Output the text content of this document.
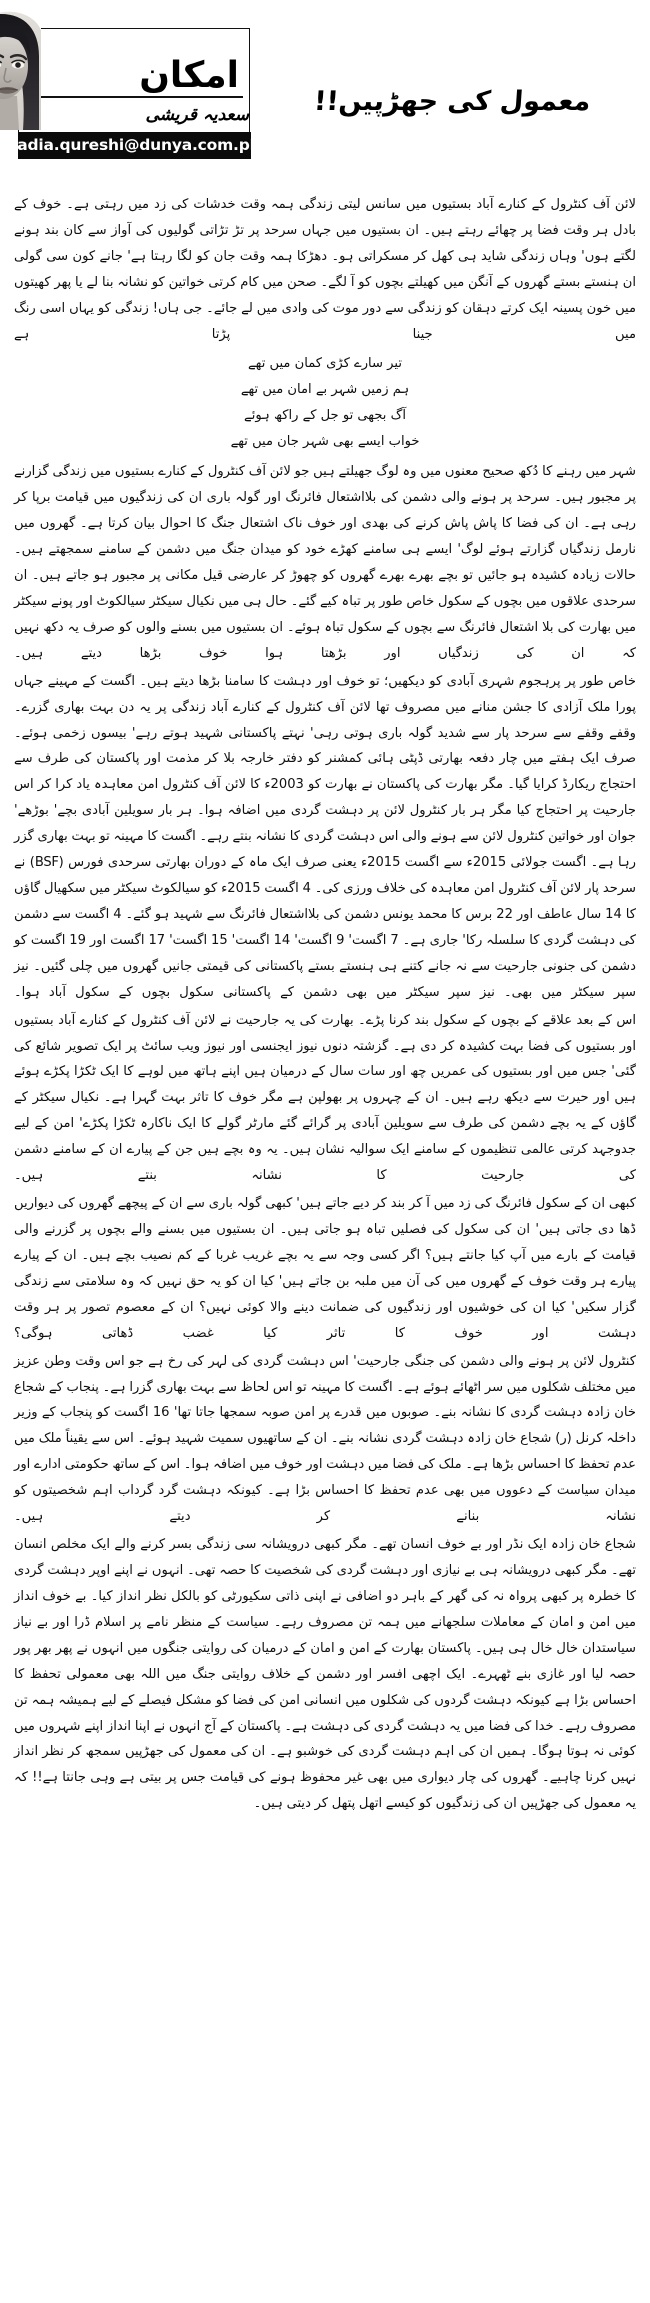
امکان
سعدیہ قریشی
sadia.qureshi@dunya.com.pk
معمول کی جھڑپیں!!

لائن آف کنٹرول کے کنارے آباد بستیوں میں سانس لیتی زندگی ہمہ وقت خدشات کی زد میں رہتی ہے۔ خوف کے بادل ہر وقت فضا پر چھائے رہتے ہیں۔ ان بستیوں میں جہاں سرحد پر تڑ تڑاتی گولیوں کی آواز سے کان بند ہونے لگتے ہوں' وہاں زندگی شاید ہی کھل کر مسکراتی ہو۔ دھڑکا ہمہ وقت جان کو لگا رہتا ہے' جانے کون سی گولی ان ہنستے بستے گھروں کے آنگن میں کھیلتے بچوں کو آ لگے۔ صحن میں کام کرتی خواتین کو نشانہ بنا لے یا پھر کھیتوں میں خون پسینہ ایک کرتے دہقان کو زندگی سے دور موت کی وادی میں لے جائے۔ جی ہاں! زندگی کو یہاں اسی رنگ میں جینا پڑتا ہے

تیر سارے کڑی کمان میں تھے
ہم زمیں شہر بے امان میں تھے
آگ بجھی تو جل کے راکھ ہوئے
خواب ایسے بھی شہر جان میں تھے

شہر میں رہنے کا دُکھ صحیح معنوں میں وہ لوگ جھیلتے ہیں جو لائن آف کنٹرول کے کنارے بستیوں میں زندگی گزارنے پر مجبور ہیں۔ سرحد پر ہونے والی دشمن کی بلااشتعال فائرنگ اور گولہ باری ان کی زندگیوں میں قیامت برپا کر رہی ہے۔ ان کی فضا کا پاش پاش کرنے کی بھدی اور خوف ناک اشتعال جنگ کا احوال بیان کرتا ہے۔ گھروں میں نارمل زندگیاں گزارتے ہوئے لوگ' ایسے ہی سامنے کھڑے خود کو میدان جنگ میں دشمن کے سامنے سمجھتے ہیں۔ حالات زیادہ کشیدہ ہو جائیں تو بچے بھرے بھرے گھروں کو چھوڑ کر عارضی قیل مکانی پر مجبور ہو جاتے ہیں۔ ان سرحدی علاقوں میں بچوں کے سکول خاص طور پر تباہ کیے گئے۔ حال ہی میں نکیال سیکٹر سیالکوٹ اور پونے سیکٹر میں بھارت کی بلا اشتعال فائرنگ سے بچوں کے سکول تباہ ہوئے۔ ان بستیوں میں بسنے والوں کو صرف یہ دکھ نہیں کہ ان کی زندگیاں اور بڑھتا ہوا خوف بڑھا دیتے ہیں۔

خاص طور پر پرہجوم شہری آبادی کو دیکھیں؛ تو خوف اور دہشت کا سامنا بڑھا دیتے ہیں۔ اگست کے مہینے جہاں پورا ملک آزادی کا جشن منانے میں مصروف تھا لائن آف کنٹرول کے کنارے آباد زندگی پر یہ دن بہت بھاری گزرے۔ وقفے وقفے سے سرحد پار سے شدید گولہ باری ہوتی رہی' نہتے پاکستانی شہید ہوتے رہے' بیسوں زخمی ہوئے۔ صرف ایک ہفتے میں چار دفعہ بھارتی ڈپٹی ہائی کمشنر کو دفتر خارجہ بلا کر مذمت اور پاکستان کی طرف سے احتجاج ریکارڈ کرایا گیا۔ مگر بھارت کی پاکستان نے بھارت کو 2003ء کا لائن آف کنٹرول امن معاہدہ یاد کرا کر اس جارحیت پر احتجاج کیا مگر ہر بار کنٹرول لائن پر دہشت گردی میں اضافہ ہوا۔ ہر بار سویلین آبادی بچے' بوڑھے' جوان اور خواتین کنٹرول لائن سے ہونے والی اس دہشت گردی کا نشانہ بنتے رہے۔ اگست کا مہینہ تو بہت بھاری گزر رہا ہے۔ اگست جولائی 2015ء سے اگست 2015ء یعنی صرف ایک ماہ کے دوران بھارتی سرحدی فورس (BSF) نے سرحد پار لائن آف کنٹرول امن معاہدہ کی خلاف ورزی کی۔ 4 اگست 2015ء کو سیالکوٹ سیکٹر میں سکھیال گاؤں کا 14 سال عاطف اور 22 برس کا محمد یونس دشمن کی بلااشتعال فائرنگ سے شہید ہو گئے۔ 4 اگست سے دشمن کی دہشت گردی کا سلسلہ رکا' جاری ہے۔ 7 اگست' 9 اگست' 14 اگست' 15 اگست' 17 اگست اور 19 اگست کو دشمن کی جنونی جارحیت سے نہ جانے کتنے ہی ہنستے بستے پاکستانی کی قیمتی جانیں گھروں میں چلی گئیں۔ نیز سپر سیکٹر میں بھی۔ نیز سپر سیکٹر میں بھی دشمن کے پاکستانی سکول بچوں کے سکول آباد ہوا۔

اس کے بعد علاقے کے بچوں کے سکول بند کرنا پڑے۔ بھارت کی یہ جارحیت نے لائن آف کنٹرول کے کنارے آباد بستیوں اور بستیوں کی فضا بہت کشیدہ کر دی ہے۔ گزشتہ دنوں نیوز ایجنسی اور نیوز ویب سائٹ پر ایک تصویر شائع کی گئی' جس میں اور بستیوں کی عمریں چھ اور سات سال کے درمیان ہیں اپنے ہاتھ میں لوہے کا ایک ٹکڑا پکڑے ہوئے ہیں اور حیرت سے دیکھ رہے ہیں۔ ان کے چہروں پر بھولپن ہے مگر خوف کا تاثر بہت گہرا ہے۔ نکیال سیکٹر کے گاؤں کے یہ بچے دشمن کی طرف سے سویلین آبادی پر گرائے گئے مارٹر گولے کا ایک ناکارہ ٹکڑا پکڑے' امن کے لیے جدوجہد کرتی عالمی تنظیموں کے سامنے ایک سوالیہ نشان ہیں۔ یہ وہ بچے ہیں جن کے پیارے ان کے سامنے دشمن کی جارحیت کا نشانہ بنتے ہیں۔

کبھی ان کے سکول فائرنگ کی زد میں آ کر بند کر دیے جاتے ہیں' کبھی گولہ باری سے ان کے پیچھے گھروں کی دیواریں ڈھا دی جاتی ہیں' ان کی سکول کی فصلیں تباہ ہو جاتی ہیں۔ ان بستیوں میں بسنے والے بچوں پر گزرنے والی قیامت کے بارے میں آپ کیا جانتے ہیں؟ اگر کسی وجہ سے یہ بچے غریب غربا کے کم نصیب بچے ہیں۔ ان کے پیارے پیارے ہر وقت خوف کے گھروں میں کی آن میں ملبہ بن جاتے ہیں' کیا ان کو یہ حق نہیں کہ وہ سلامتی سے زندگی گزار سکیں' کیا ان کی خوشیوں اور زندگیوں کی ضمانت دینے والا کوئی نہیں؟ ان کے معصوم تصور پر ہر وقت دہشت اور خوف کا تاثر کیا غضب ڈھاتی ہوگی؟

کنٹرول لائن پر ہونے والی دشمن کی جنگی جارحیت' اس دہشت گردی کی لہر کی رخ ہے جو اس وقت وطن عزیز میں مختلف شکلوں میں سر اٹھائے ہوئے ہے۔ اگست کا مہینہ تو اس لحاظ سے بہت بھاری گزرا ہے۔ پنجاب کے شجاع خان زادہ دہشت گردی کا نشانہ بنے۔ صوبوں میں قدرے پر امن صوبہ سمجھا جاتا تھا' 16 اگست کو پنجاب کے وزیر داخلہ کرنل (ر) شجاع خان زادہ دہشت گردی نشانہ بنے۔ ان کے ساتھیوں سمیت شہید ہوئے۔ اس سے یقیناً ملک میں عدم تحفظ کا احساس بڑھا ہے۔ ملک کی فضا میں دہشت اور خوف میں اضافہ ہوا۔ اس کے ساتھ حکومتی ادارے اور میدان سیاست کے دعووں میں بھی عدم تحفظ کا احساس بڑا ہے۔ کیونکہ دہشت گرد گرداب اہم شخصیتوں کو نشانہ بنانے کر دیتے ہیں۔

شجاع خان زادہ ایک نڈر اور بے خوف انسان تھے۔ مگر کبھی درویشانہ سی زندگی بسر کرنے والے ایک مخلص انسان تھے۔ مگر کبھی درویشانہ ہی بے نیازی اور دہشت گردی کی شخصیت کا حصہ تھی۔ انہوں نے اپنے اوپر دہشت گردی کا خطرہ پر کبھی پرواہ نہ کی گھر کے باہر دو اضافی نے اپنی ذاتی سکیورٹی کو بالکل نظر انداز کیا۔ بے خوف انداز میں امن و امان کے معاملات سلجھانے میں ہمہ تن مصروف رہے۔ سیاست کے منظر نامے پر اسلام ڈرا اور بے نیاز سیاستدان خال خال ہی ہیں۔ پاکستان بھارت کے امن و امان کے درمیان کی روایتی جنگوں میں انہوں نے پھر بھر پور حصہ لیا اور غازی بنے ٹھہرے۔ ایک اچھی افسر اور دشمن کے خلاف روایتی جنگ میں اللہ بھی معمولی تحفظ کا احساس بڑا ہے کیونکہ دہشت گردوں کی شکلوں میں انسانی امن کی فضا کو مشکل فیصلے کے لیے ہمیشہ ہمہ تن مصروف رہے۔ خدا کی فضا میں یہ دہشت گردی کی دہشت ہے۔ پاکستان کے آج انہوں نے اپنا انداز اپنے شہروں میں کوئی نہ ہوتا ہوگا۔ ہمیں ان کی اہم دہشت گردی کی خوشبو ہے۔ ان کی معمول کی جھڑپیں سمجھ کر نظر انداز نہیں کرنا چاہیے۔ گھروں کی چار دیواری میں بھی غیر محفوظ ہونے کی قیامت جس پر بیتی ہے وہی جانتا ہے!! کہ یہ معمول کی جھڑپیں ان کی زندگیوں کو کیسے اتھل پتھل کر دیتی ہیں۔
